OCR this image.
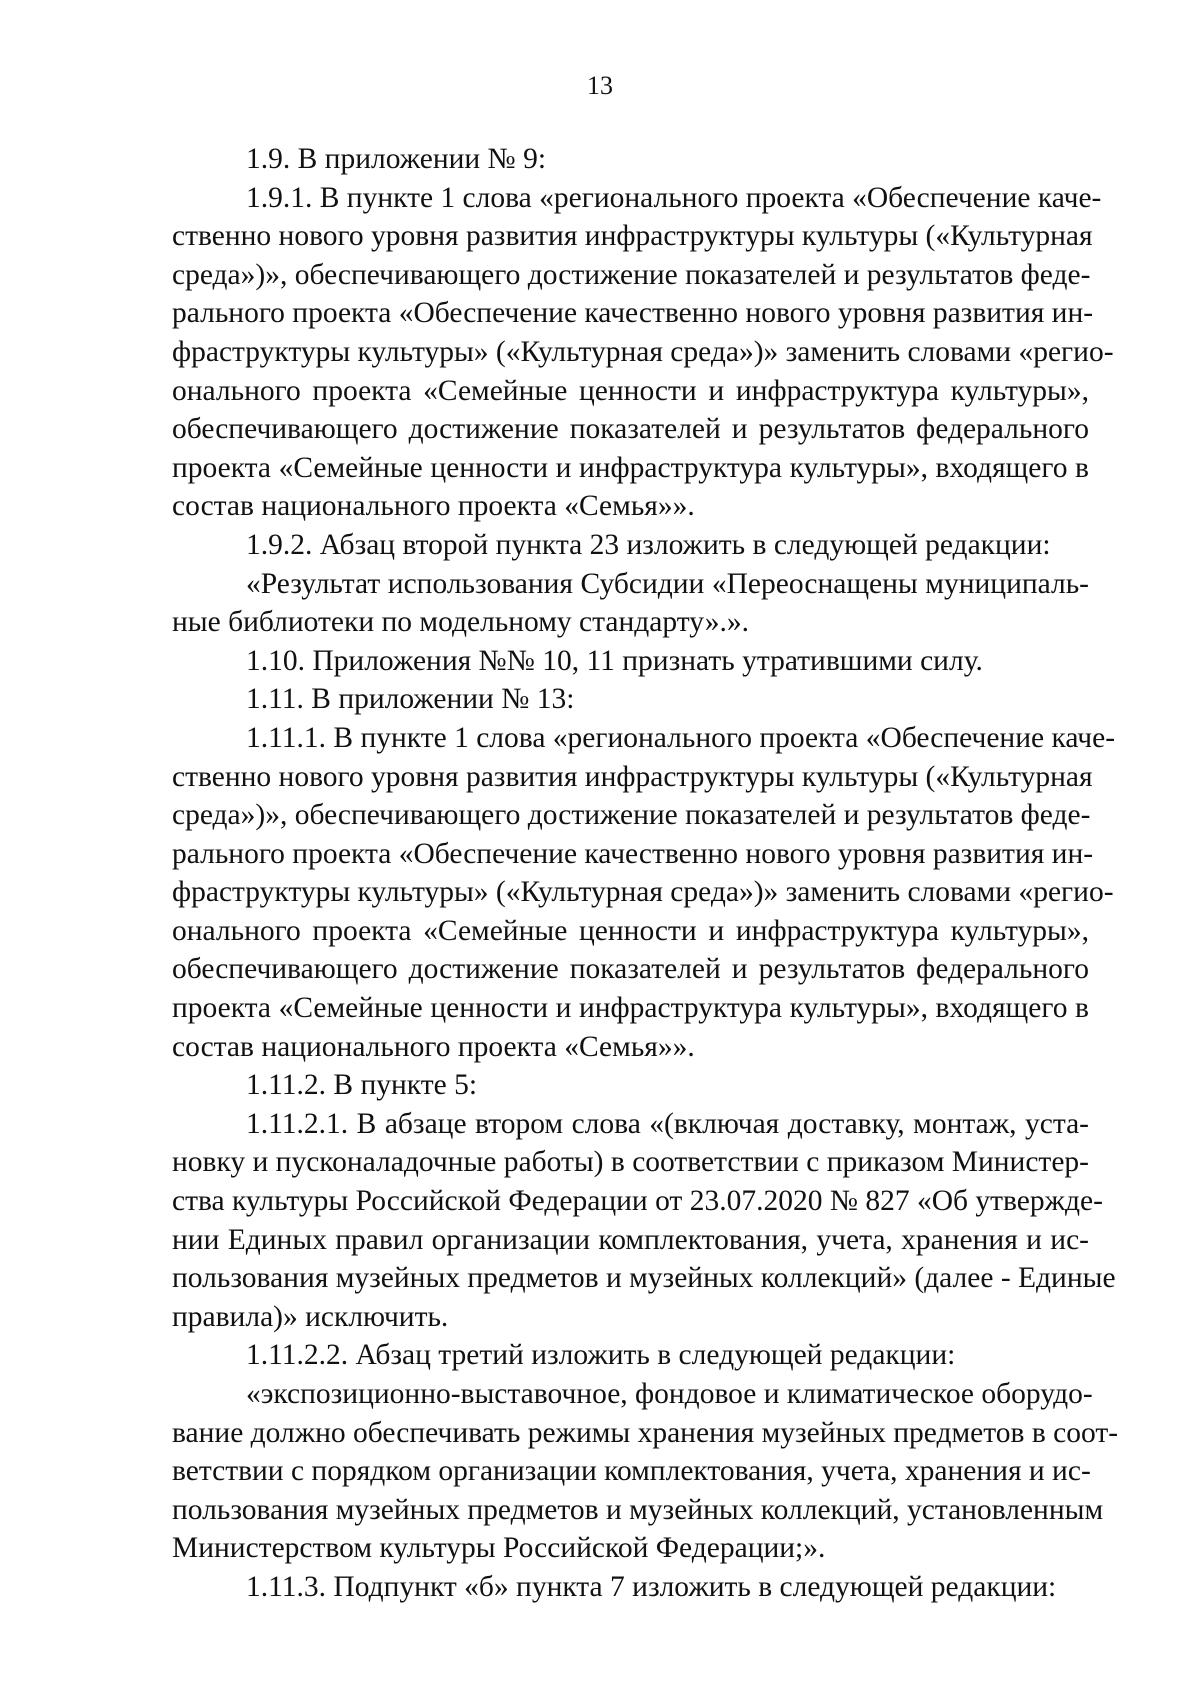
13

1.9. В приложении № 9:

1.9.1. В пункте 1 слова «регионального проекта «Обеспечение каче-
ственно нового уровня развития инфраструктуры культуры («Культурная
среда»)», обеспечивающего достижение показателей и результатов феде-
рального проекта «Обеспечение качественно нового уровня развития ин-
фраструктуры культуры» («Культурная среда»)» заменить словами «регио-
онального проекта «Семейные ценности и инфраструктура культуры»,
обеспечивающего достижение показателей и результатов федерального
проекта «Семейные ценности и инфраструктура культуры», входящего в
состав национального проекта «Семья»».

1.9.2. Абзац второй пункта 23 изложить в следующей редакции:

«Результат использования Субсидии «Переоснащены муниципаль-
ные библиотеки по модельному стандарту».».

1.10. Приложения №№ 10, 11 признать утратившими силу.

1.11. В приложении № 13:

1.11.1. В пункте 1 слова «регионального проекта «Обеспечение каче-
ственно нового уровня развития инфраструктуры культуры («Культурная
среда»)», обеспечивающего достижение показателей и результатов феде-
рального проекта «Обеспечение качественно нового уровня развития ин-
фраструктуры культуры» («Культурная среда»)» заменить словами «регио-
онального проекта «Семейные ценности и инфраструктура культуры»,
обеспечивающего достижение показателей и результатов федерального
проекта «Семейные ценности и инфраструктура культуры», входящего в
состав национального проекта «Семья»».

1.11.2. В пункте 5:

1.11.2.1. В абзаце втором слова «(включая доставку, монтаж, уста-
новку и пусконаладочные работы) в соответствии с приказом Министер-
ства культуры Российской Федерации от 23.07.2020 № 827 «Об утвержде-
нии Единых правил организации комплектования, учета, хранения и ис-
пользования музейных предметов и музейных коллекций» (далее - Единые
правила)» исключить.

1.11.2.2. Абзац третий изложить в следующей редакции:

«экспозиционно-выставочное, фондовое и климатическое оборудо-
вание должно обеспечивать режимы хранения музейных предметов в соот-
ветствии с порядком организации комплектования, учета, хранения и ис-
пользования музейных предметов и музейных коллекций, установленным
Министерством культуры Российской Федерации;».

1.11.3. Подпункт «б» пункта 7 изложить в следующей редакции:
